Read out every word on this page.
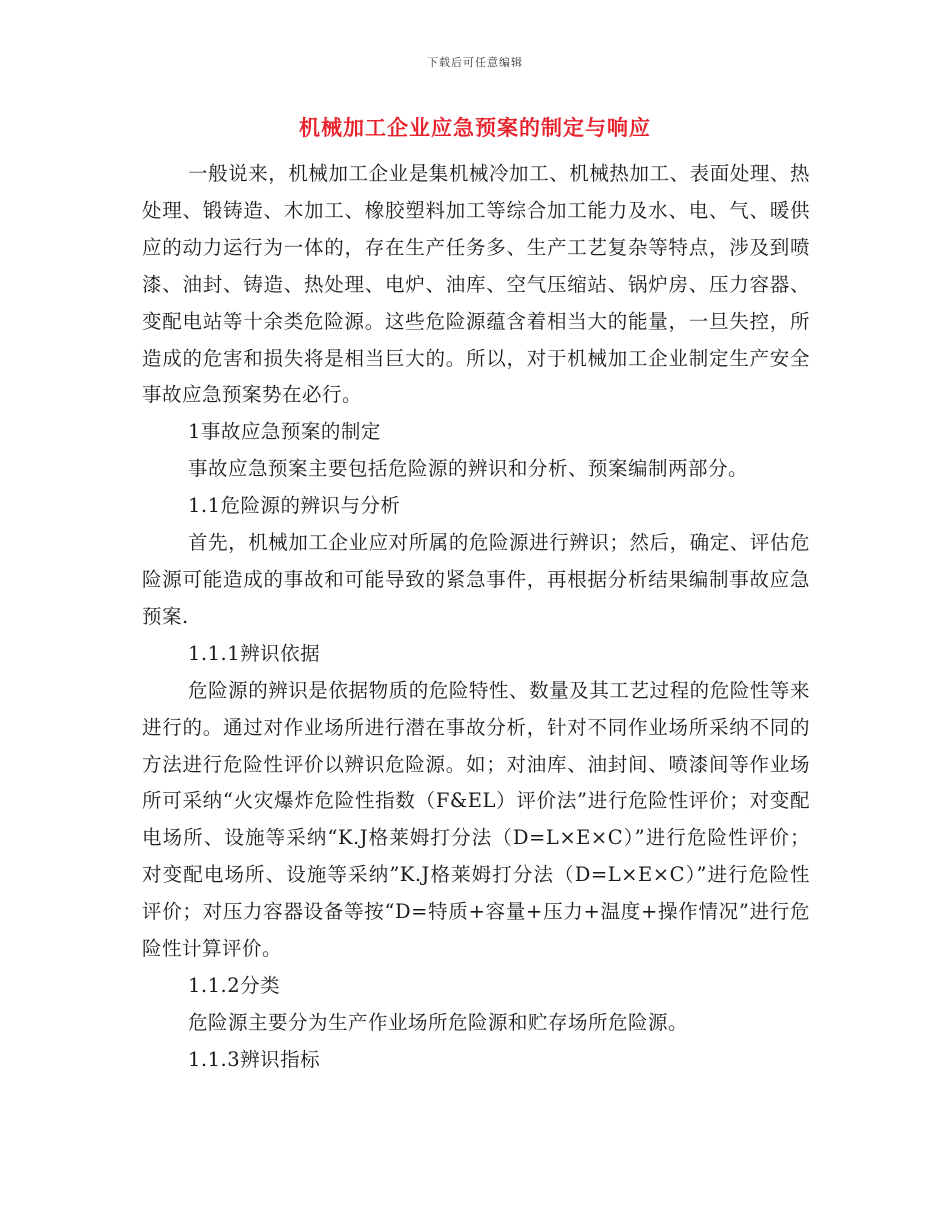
下载后可任意编辑
机械加工企业应急预案的制定与响应

一般说来，机械加工企业是集机械冷加工、机械热加工、表面处理、热处理、锻铸造、木加工、橡胶塑料加工等综合加工能力及水、电、气、暖供应的动力运行为一体的，存在生产任务多、生产工艺复杂等特点，涉及到喷漆、油封、铸造、热处理、电炉、油库、空气压缩站、锅炉房、压力容器、变配电站等十余类危险源。这些危险源蕴含着相当大的能量，一旦失控，所造成的危害和损失将是相当巨大的。所以，对于机械加工企业制定生产安全事故应急预案势在必行。

1事故应急预案的制定

事故应急预案主要包括危险源的辨识和分析、预案编制两部分。

1.1危险源的辨识与分析

首先，机械加工企业应对所属的危险源进行辨识；然后，确定、评估危险源可能造成的事故和可能导致的紧急事件，再根据分析结果编制事故应急预案.

1.1.1辨识依据

危险源的辨识是依据物质的危险特性、数量及其工艺过程的危险性等来进行的。通过对作业场所进行潜在事故分析，针对不同作业场所采纳不同的方法进行危险性评价以辨识危险源。如；对油库、油封间、喷漆间等作业场所可采纳“火灾爆炸危险性指数（F&EL）评价法”进行危险性评价；对变配电场所、设施等采纳“K.J格莱姆打分法（D=L×E×C）”进行危险性评价；对变配电场所、设施等采纳”K.J格莱姆打分法（D=L×E×C）”进行危险性评价；对压力容器设备等按“D=特质+容量+压力+温度+操作情况”进行危险性计算评价。

1.1.2分类

危险源主要分为生产作业场所危险源和贮存场所危险源。

1.1.3辨识指标
